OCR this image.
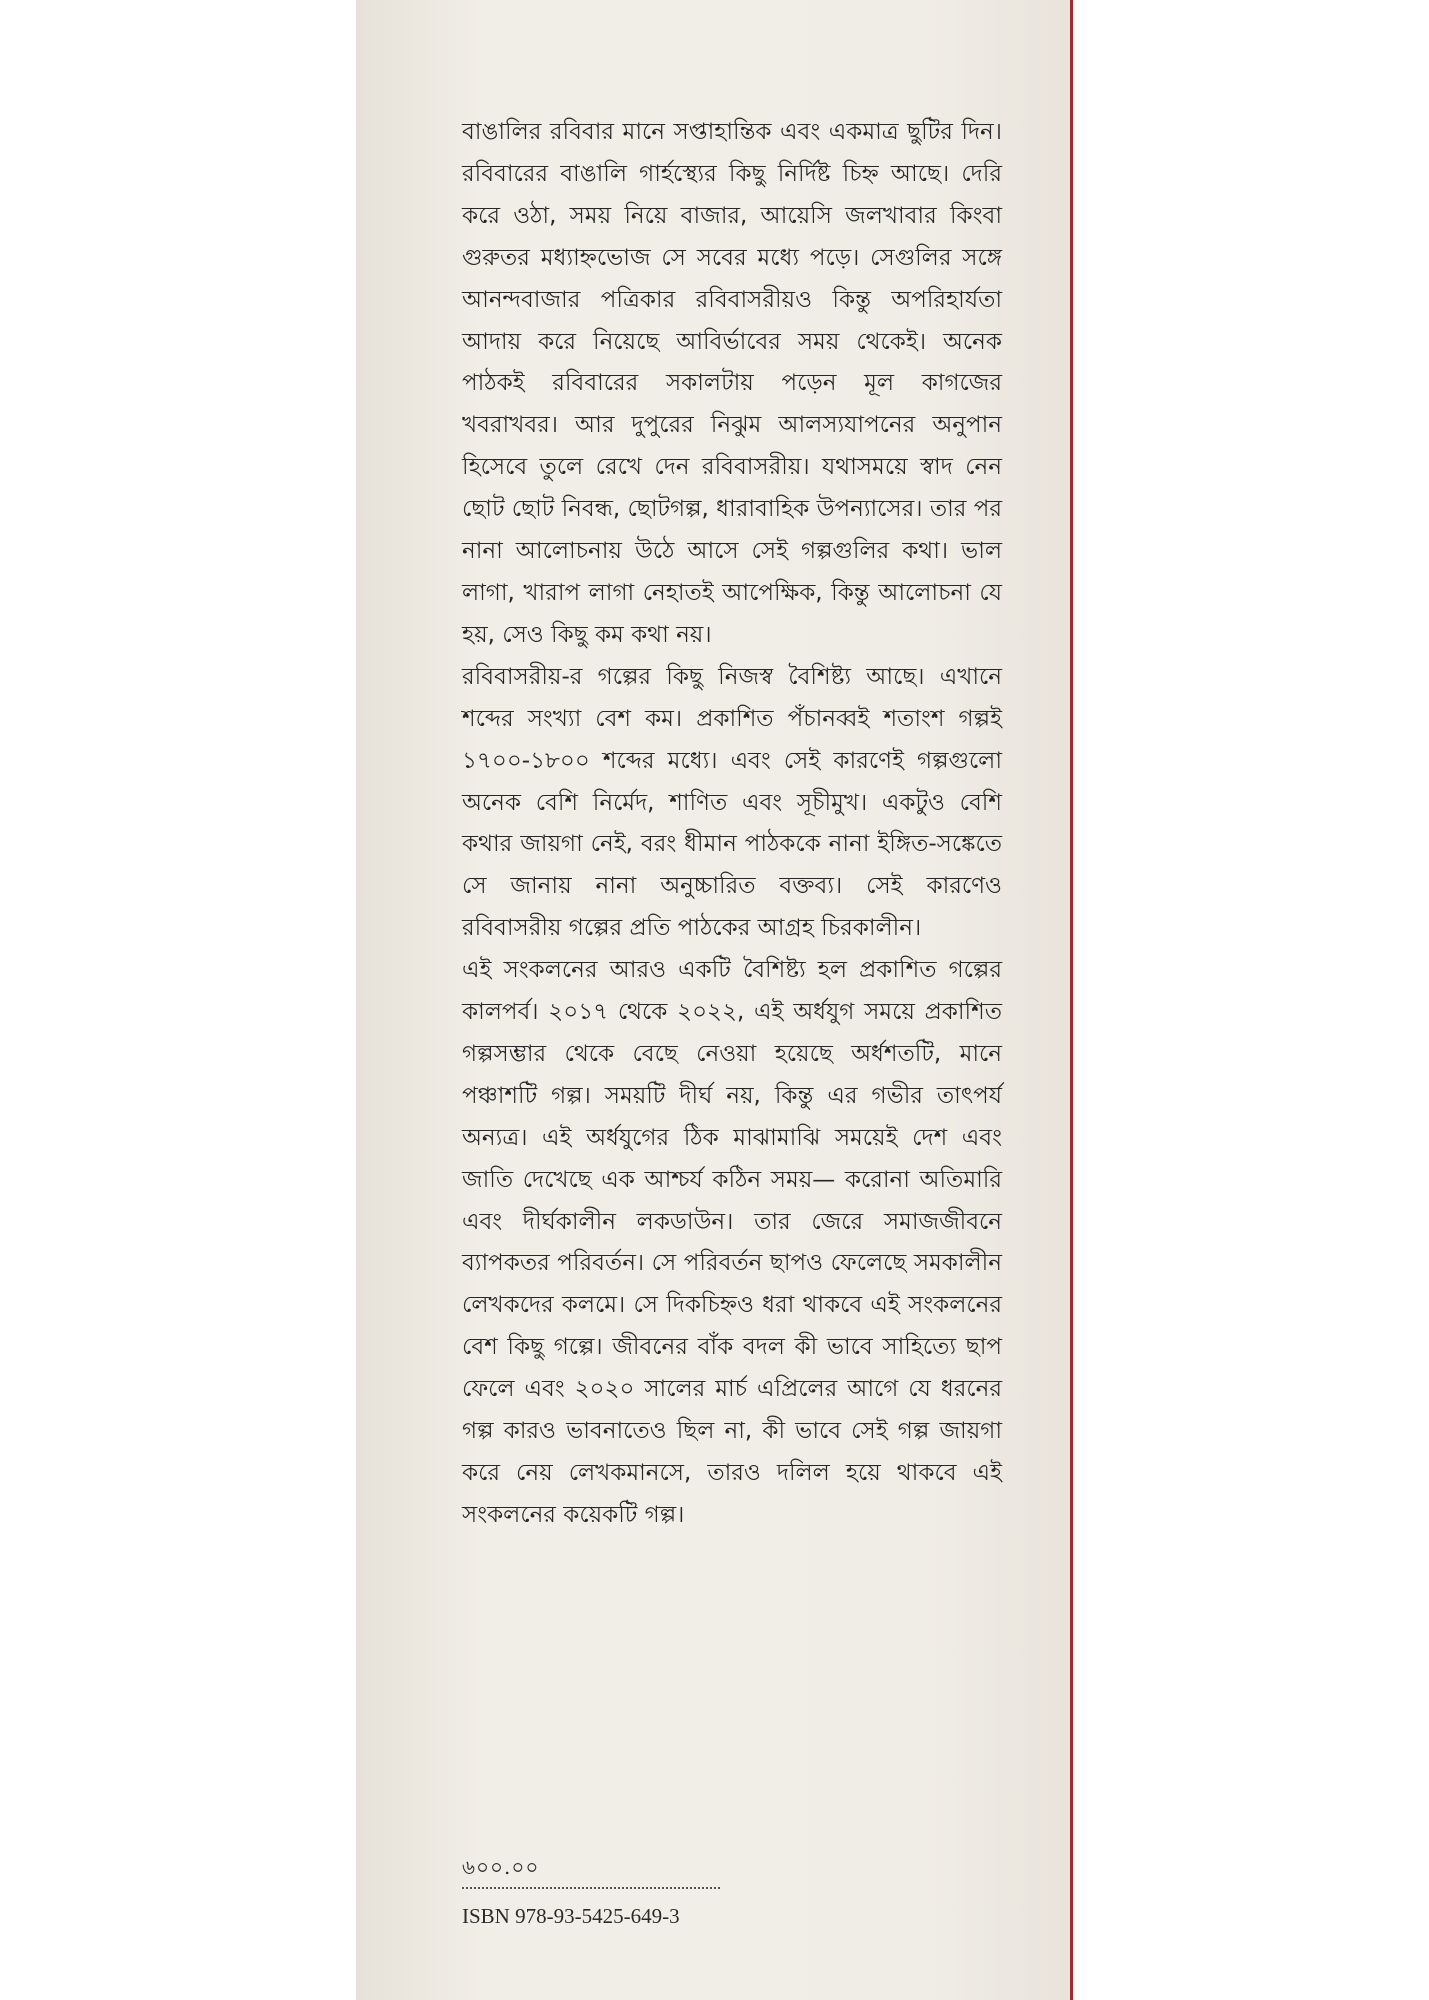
বাঙালির রবিবার মানে সপ্তাহান্তিক এবং একমাত্র ছুটির দিন। রবিবারের বাঙালি গার্হস্থ্যের কিছু নির্দিষ্ট চিহ্ন আছে। দেরি করে ওঠা, সময় নিয়ে বাজার, আয়েসি জলখাবার কিংবা গুরুতর মধ্যাহ্নভোজ সে সবের মধ্যে পড়ে। সেগুলির সঙ্গে আনন্দবাজার পত্রিকার রবিবাসরীয়ও কিন্তু অপরিহার্যতা আদায় করে নিয়েছে আবির্ভাবের সময় থেকেই। অনেক পাঠকই রবিবারের সকালটায় পড়েন মূল কাগজের খবরাখবর। আর দুপুরের নিঝুম আলস্যযাপনের অনুপান হিসেবে তুলে রেখে দেন রবিবাসরীয়। যথাসময়ে স্বাদ নেন ছোট ছোট নিবন্ধ, ছোটগল্প, ধারাবাহিক উপন্যাসের। তার পর নানা আলোচনায় উঠে আসে সেই গল্পগুলির কথা। ভাল লাগা, খারাপ লাগা নেহাতই আপেক্ষিক, কিন্তু আলোচনা যে হয়, সেও কিছু কম কথা নয়।

রবিবাসরীয়-র গল্পের কিছু নিজস্ব বৈশিষ্ট্য আছে। এখানে শব্দের সংখ্যা বেশ কম। প্রকাশিত পঁচানব্বই শতাংশ গল্পই ১৭০০-১৮০০ শব্দের মধ্যে। এবং সেই কারণেই গল্পগুলো অনেক বেশি নির্মেদ, শাণিত এবং সূচীমুখ। একটুও বেশি কথার জায়গা নেই, বরং ধীমান পাঠককে নানা ইঙ্গিত-সঙ্কেতে সে জানায় নানা অনুচ্চারিত বক্তব্য। সেই কারণেও রবিবাসরীয় গল্পের প্রতি পাঠকের আগ্রহ চিরকালীন।

এই সংকলনের আরও একটি বৈশিষ্ট্য হল প্রকাশিত গল্পের কালপর্ব। ২০১৭ থেকে ২০২২, এই অর্ধযুগ সময়ে প্রকাশিত গল্পসম্ভার থেকে বেছে নেওয়া হয়েছে অর্ধশতটি, মানে পঞ্চাশটি গল্প। সময়টি দীর্ঘ নয়, কিন্তু এর গভীর তাৎপর্য অন্যত্র। এই অর্ধযুগের ঠিক মাঝামাঝি সময়েই দেশ এবং জাতি দেখেছে এক আশ্চর্য কঠিন সময়— করোনা অতিমারি এবং দীর্ঘকালীন লকডাউন। তার জেরে সমাজজীবনে ব্যাপকতর পরিবর্তন। সে পরিবর্তন ছাপও ফেলেছে সমকালীন লেখকদের কলমে। সে দিকচিহ্নও ধরা থাকবে এই সংকলনের বেশ কিছু গল্পে। জীবনের বাঁক বদল কী ভাবে সাহিত্যে ছাপ ফেলে এবং ২০২০ সালের মার্চ এপ্রিলের আগে যে ধরনের গল্প কারও ভাবনাতেও ছিল না, কী ভাবে সেই গল্প জায়গা করে নেয় লেখকমানসে, তারও দলিল হয়ে থাকবে এই সংকলনের কয়েকটি গল্প।

৬০০.০০
ISBN 978-93-5425-649-3
